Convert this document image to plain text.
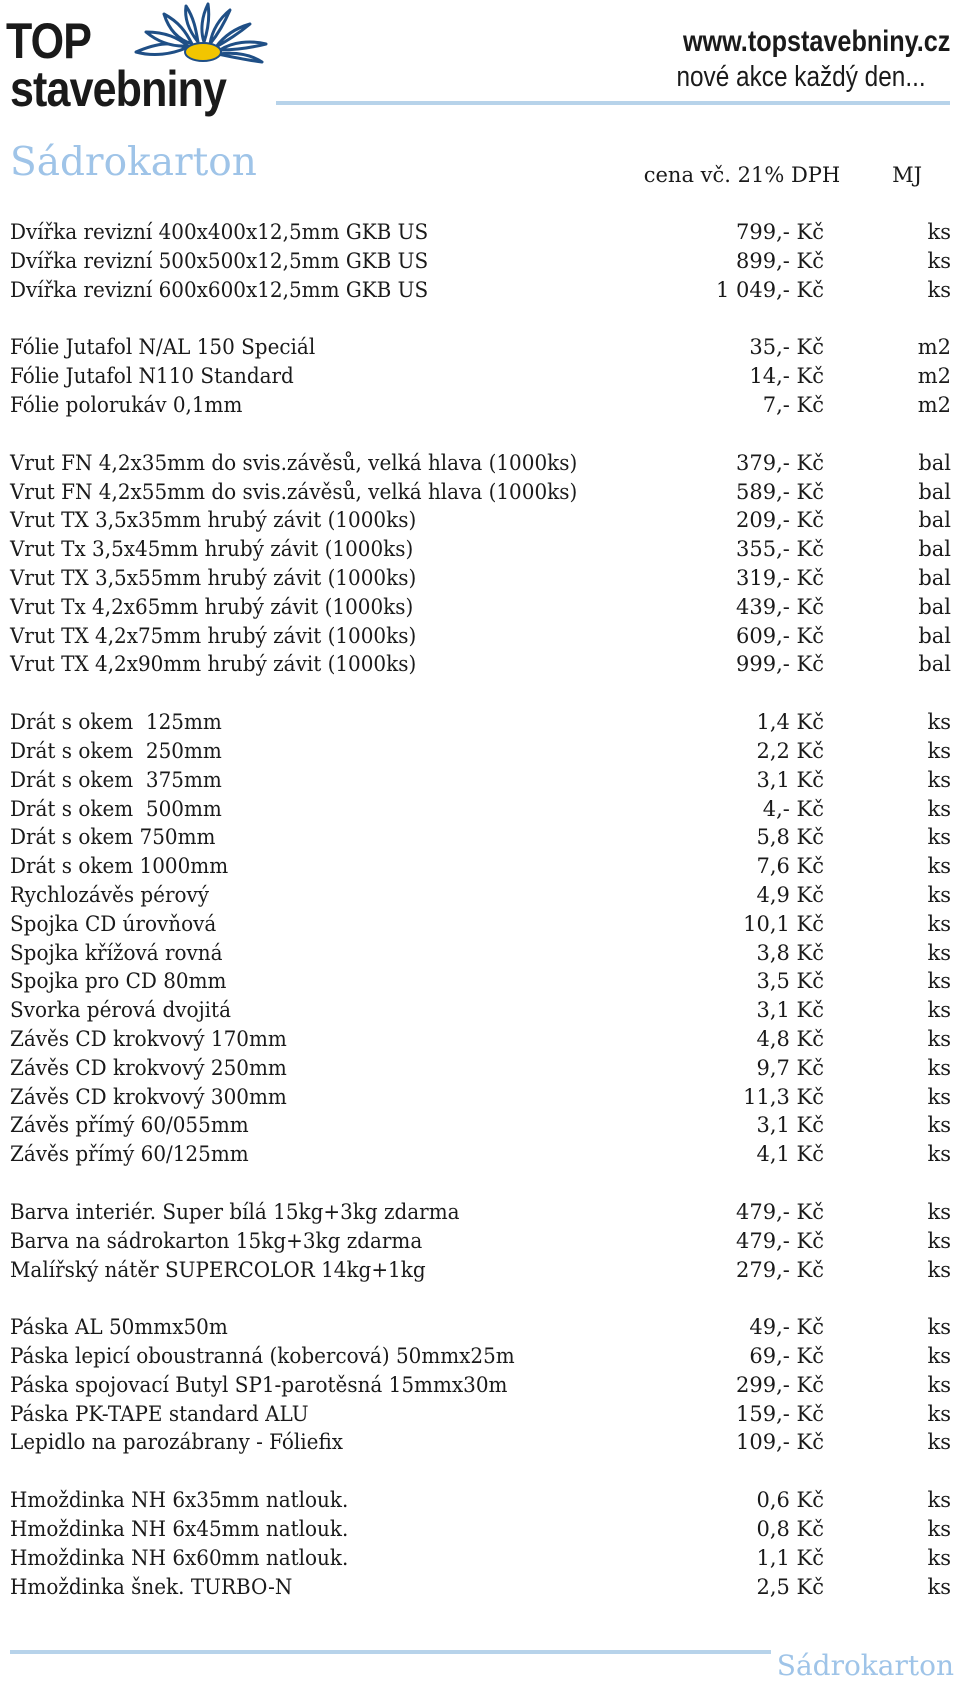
TOP
stavebniny
www.topstavebniny.cz
nové akce každý den...
Sádrokarton	cena vč. 21% DPH	MJ
Dvířka revizní 400x400x12,5mm GKB US	799,- Kč	ks
Dvířka revizní 500x500x12,5mm GKB US	899,- Kč	ks
Dvířka revizní 600x600x12,5mm GKB US	1 049,- Kč	ks
Fólie Jutafol N/AL 150 Speciál	35,- Kč	m2
Fólie Jutafol N110 Standard	14,- Kč	m2
Fólie polorukáv 0,1mm	7,- Kč	m2
Vrut FN 4,2x35mm do svis.závěsů, velká hlava (1000ks)	379,- Kč	bal
Vrut FN 4,2x55mm do svis.závěsů, velká hlava (1000ks)	589,- Kč	bal
Vrut TX 3,5x35mm hrubý závit (1000ks)	209,- Kč	bal
Vrut Tx 3,5x45mm hrubý závit (1000ks)	355,- Kč	bal
Vrut TX 3,5x55mm hrubý závit (1000ks)	319,- Kč	bal
Vrut Tx 4,2x65mm hrubý závit (1000ks)	439,- Kč	bal
Vrut TX 4,2x75mm hrubý závit (1000ks)	609,- Kč	bal
Vrut TX 4,2x90mm hrubý závit (1000ks)	999,- Kč	bal
Drát s okem  125mm	1,4 Kč	ks
Drát s okem  250mm	2,2 Kč	ks
Drát s okem  375mm	3,1 Kč	ks
Drát s okem  500mm	4,- Kč	ks
Drát s okem 750mm	5,8 Kč	ks
Drát s okem 1000mm	7,6 Kč	ks
Rychlozávěs pérový	4,9 Kč	ks
Spojka CD úrovňová	10,1 Kč	ks
Spojka křížová rovná	3,8 Kč	ks
Spojka pro CD 80mm	3,5 Kč	ks
Svorka pérová dvojitá	3,1 Kč	ks
Závěs CD krokvový 170mm	4,8 Kč	ks
Závěs CD krokvový 250mm	9,7 Kč	ks
Závěs CD krokvový 300mm	11,3 Kč	ks
Závěs přímý 60/055mm	3,1 Kč	ks
Závěs přímý 60/125mm	4,1 Kč	ks
Barva interiér. Super bílá 15kg+3kg zdarma	479,- Kč	ks
Barva na sádrokarton 15kg+3kg zdarma	479,- Kč	ks
Malířský nátěr SUPERCOLOR 14kg+1kg	279,- Kč	ks
Páska AL 50mmx50m	49,- Kč	ks
Páska lepicí oboustranná (kobercová) 50mmx25m	69,- Kč	ks
Páska spojovací Butyl SP1-parotěsná 15mmx30m	299,- Kč	ks
Páska PK-TAPE standard ALU	159,- Kč	ks
Lepidlo na parozábrany - Fóliefix	109,- Kč	ks
Hmoždinka NH 6x35mm natlouk.	0,6 Kč	ks
Hmoždinka NH 6x45mm natlouk.	0,8 Kč	ks
Hmoždinka NH 6x60mm natlouk.	1,1 Kč	ks
Hmoždinka šnek. TURBO-N	2,5 Kč	ks
Sádrokarton
